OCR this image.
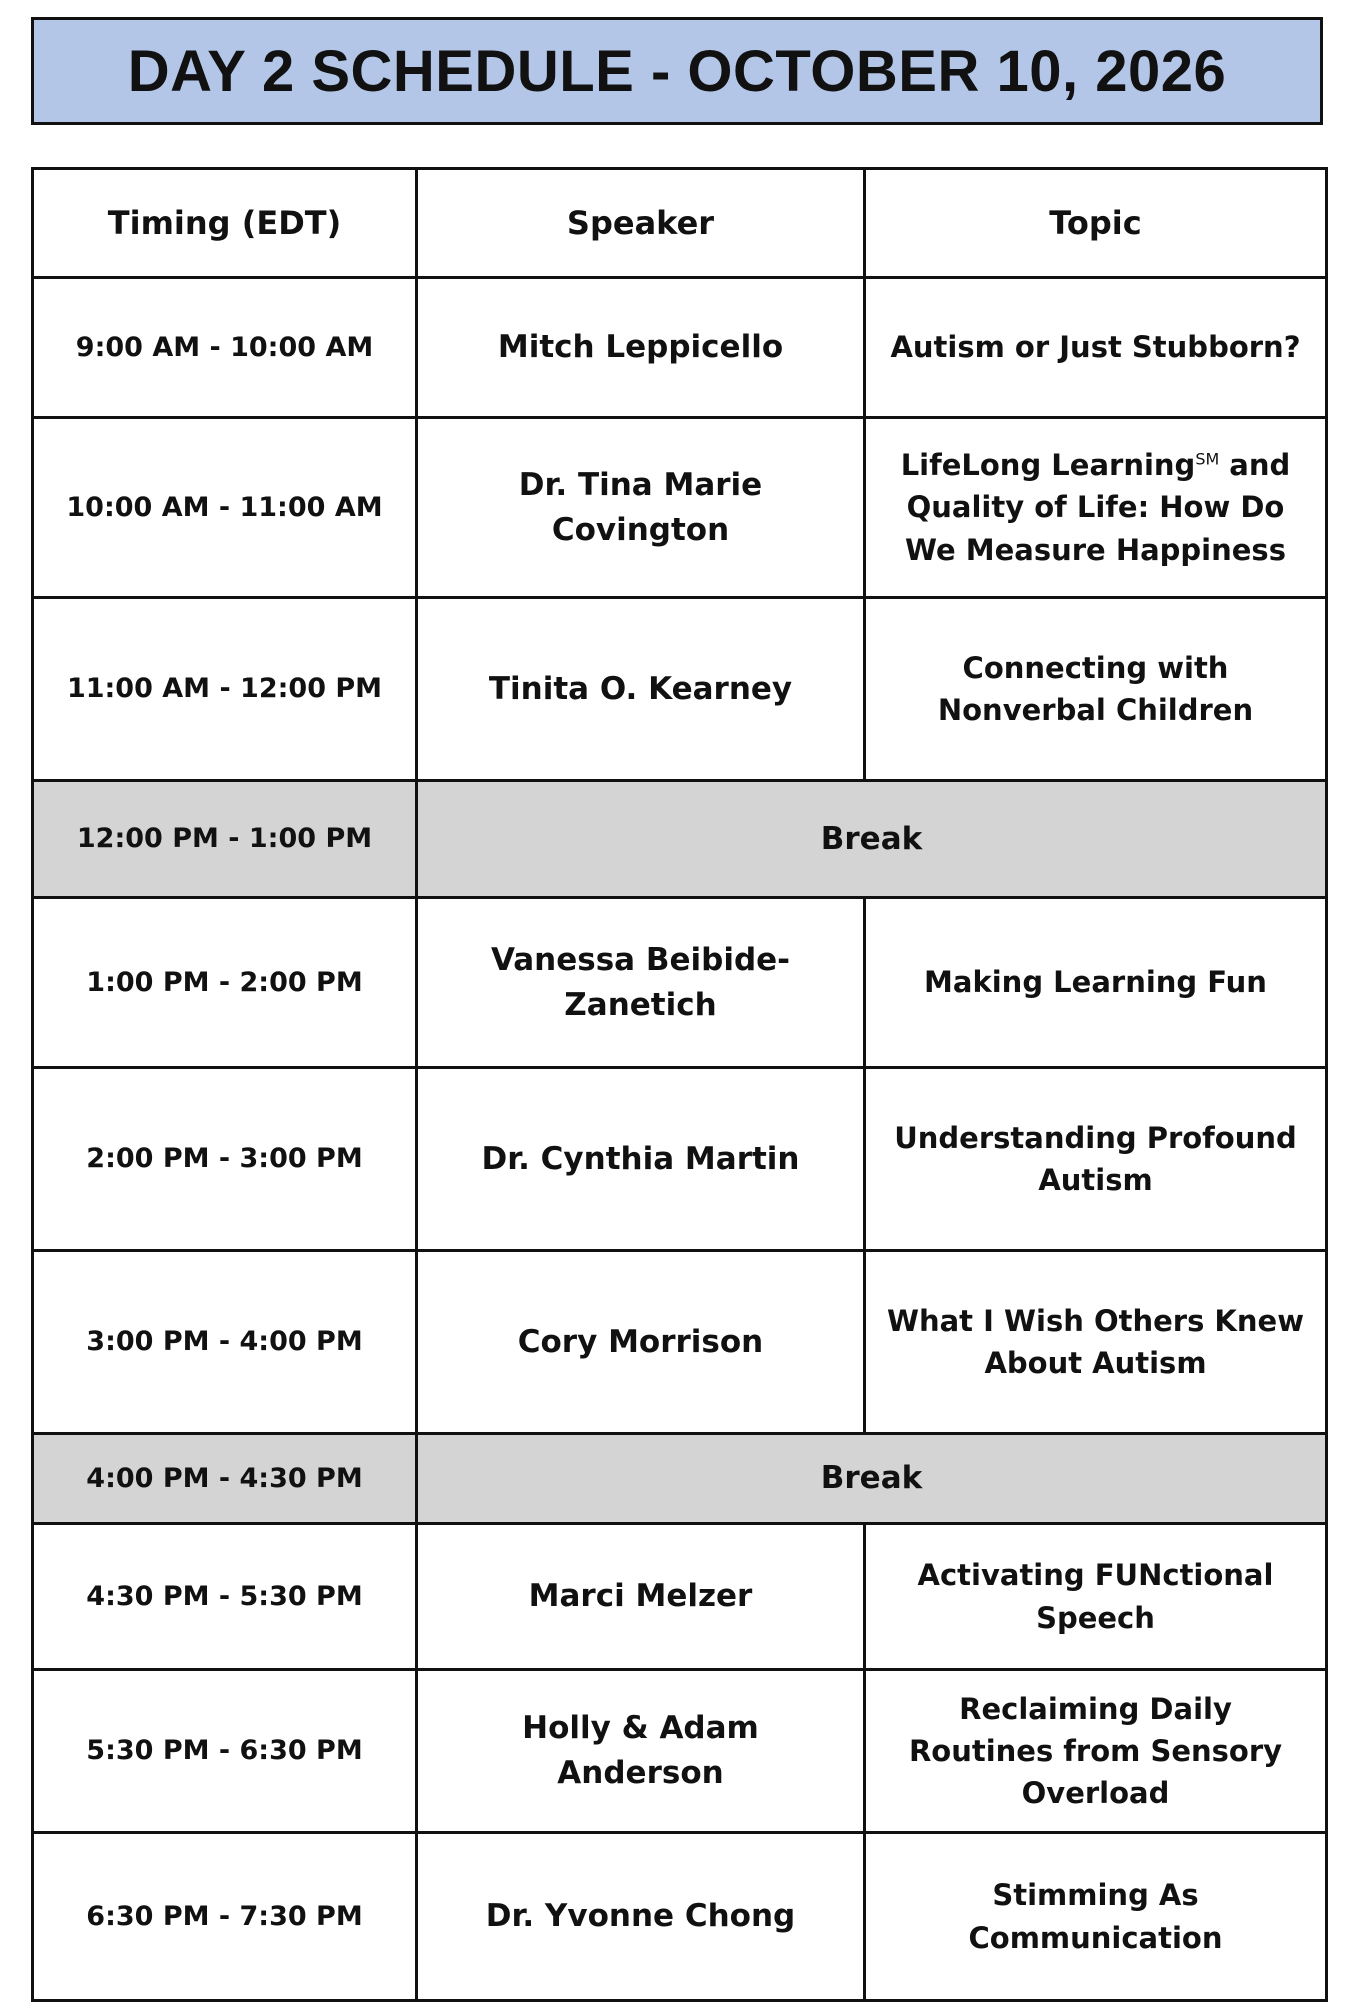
DAY 2 SCHEDULE - OCTOBER 10, 2026
Timing (EDT)	Speaker	Topic
9:00 AM - 10:00 AM	Mitch Leppicello	Autism or Just Stubborn?
10:00 AM - 11:00 AM	Dr. Tina Marie Covington	LifeLong Learning℠ and Quality of Life: How Do We Measure Happiness
11:00 AM - 12:00 PM	Tinita O. Kearney	Connecting with Nonverbal Children
12:00 PM - 1:00 PM	Break	
1:00 PM - 2:00 PM	Vanessa Beibide-Zanetich	Making Learning Fun
2:00 PM - 3:00 PM	Dr. Cynthia Martin	Understanding Profound Autism
3:00 PM - 4:00 PM	Cory Morrison	What I Wish Others Knew About Autism
4:00 PM - 4:30 PM	Break	
4:30 PM - 5:30 PM	Marci Melzer	Activating FUNctional Speech
5:30 PM - 6:30 PM	Holly & Adam Anderson	Reclaiming Daily Routines from Sensory Overload
6:30 PM - 7:30 PM	Dr. Yvonne Chong	Stimming As Communication
